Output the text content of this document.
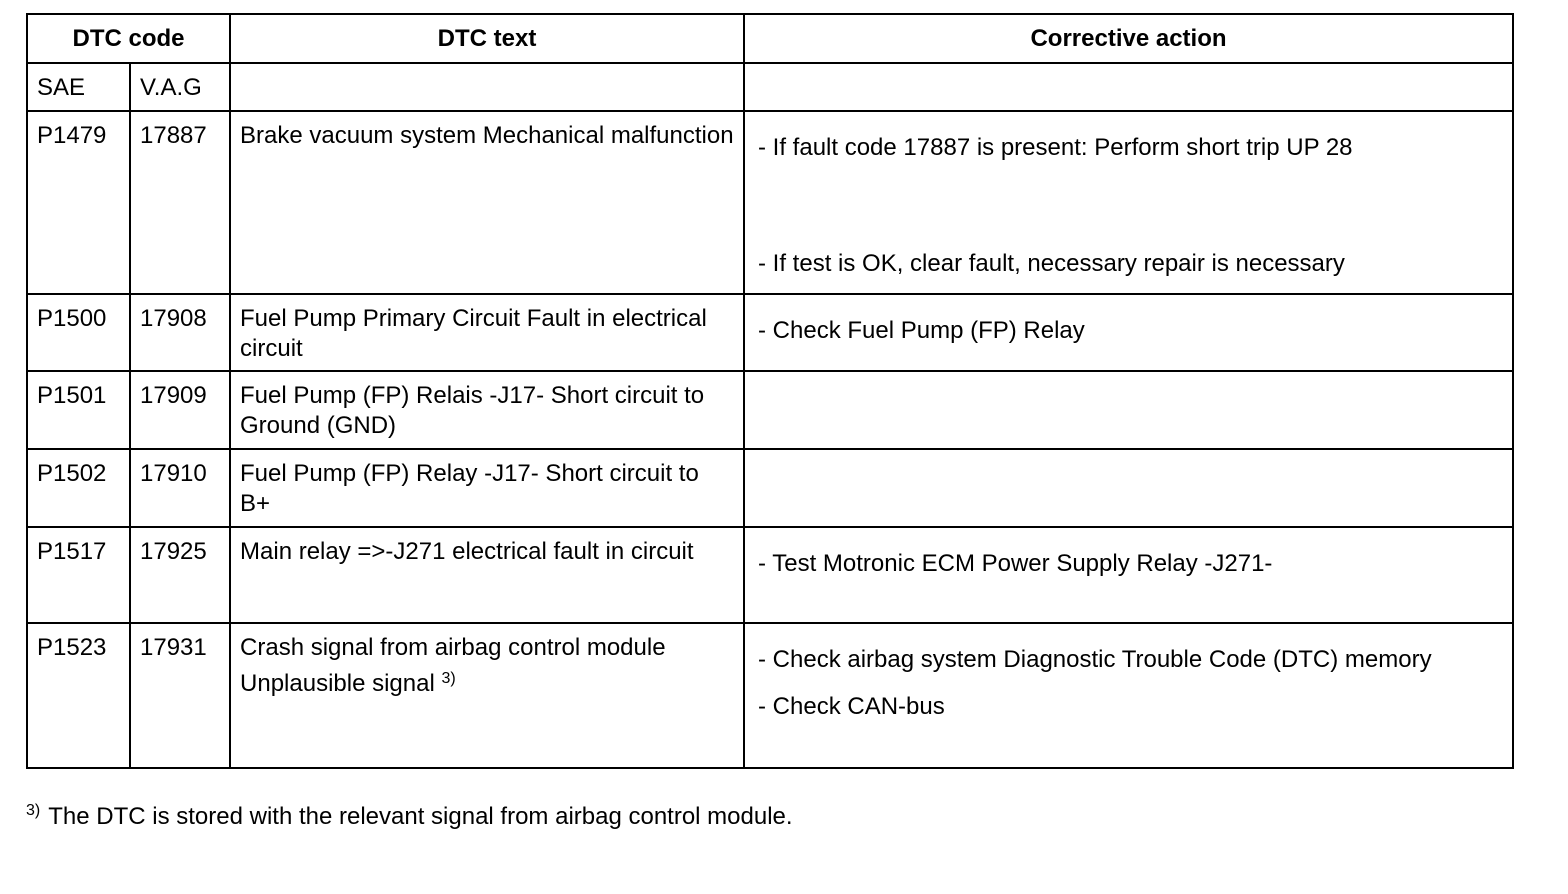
DTC code		DTC text	Corrective action
SAE	V.A.G		
P1479	17887	Brake vacuum system Mechanical malfunction	- If fault code 17887 is present: Perform short trip UP 28
- If test is OK, clear fault, necessary repair is necessary

P1500	17908	Fuel Pump Primary Circuit Fault in electrical circuit	- Check Fuel Pump (FP) Relay

P1501	17909	Fuel Pump (FP) Relais -J17- Short circuit to Ground (GND)	
P1502	17910	Fuel Pump (FP) Relay -J17- Short circuit to B+	
P1517	17925	Main relay =>-J271 electrical fault in circuit	- Test Motronic ECM Power Supply Relay -J271-

P1523	17931	Crash signal from airbag control module Unplausible signal $^{3)}$	- Check airbag system Diagnostic Trouble Code (DTC) memory
- Check CAN-bus
$^{3)}$ The DTC is stored with the relevant signal from airbag control module.
